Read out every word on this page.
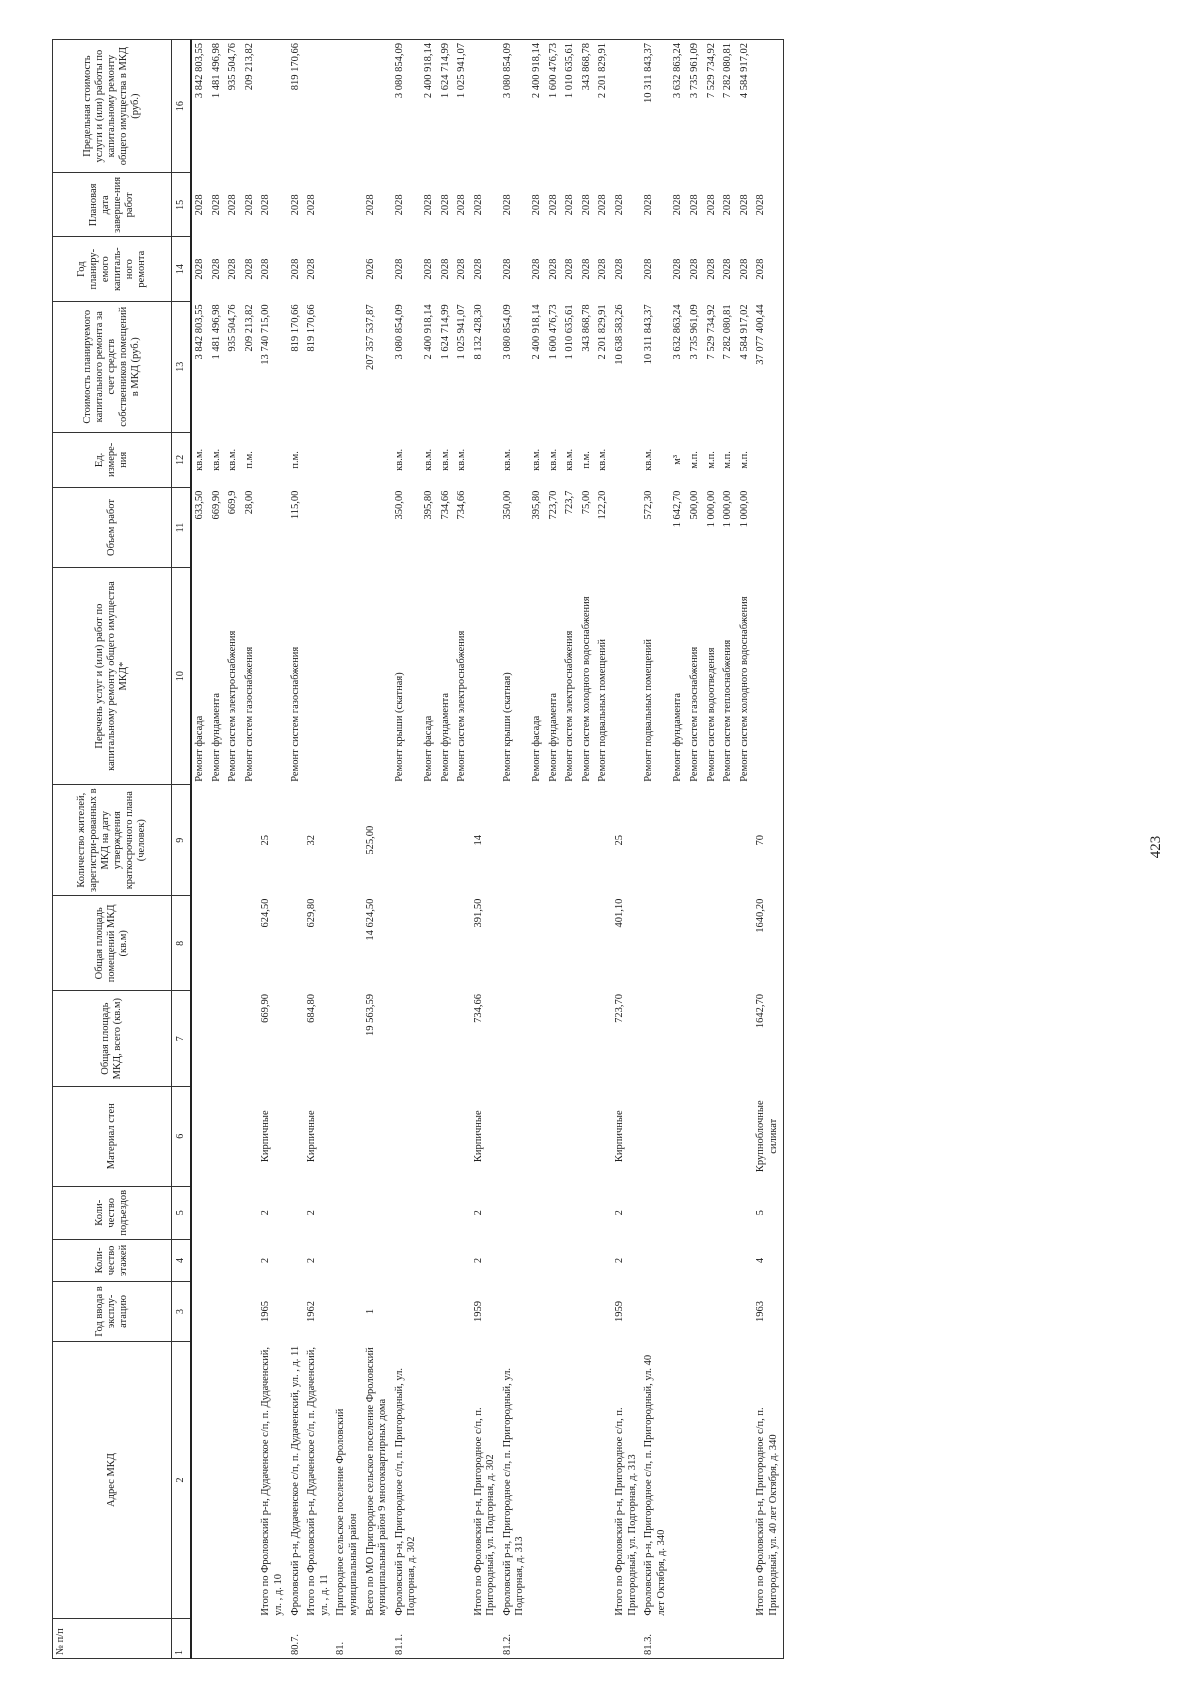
423
№ п/п	Адрес МКД	Год ввода в эксплу-атацию	Коли-чество этажей	Коли-чество подъездов	Материал стен	Общая площадь МКД, всего (кв.м)	Общая площадь помещений МКД (кв.м)	Количество жителей, зарегистри-рованных в МКД на дату утверждения краткосрочного плана (человек)	Перечень услуг и (или) работ по капитальному ремонту общего имущества МКД*	Объем работ	Ед. измере-ния	Стоимость планируемого капитального ремонта за счет средств собственников помещений в МКД (руб.)	Год планиру-емого капиталь-ного ремонта	Плановая дата заверше-ния работ	Предельная стоимость услуги и (или) работы по капитальному ремонту общего имущества в МКД (руб.)
1	2	3	4	5	6	7	8	9	10	11	12	13	14	15	16
									Ремонт фасада	633,50	кв.м.	3 842 803,55	2028	2028	3 842 803,55
									Ремонт фундамента	669,90	кв.м.	1 481 496,98	2028	2028	1 481 496,98
									Ремонт систем электроснабжения	669,9	кв.м.	935 504,76	2028	2028	935 504,76
									Ремонт систем газоснабжения	28,00	п.м.	209 213,82	2028	2028	209 213,82
	Итого по Фроловский р-н, Дудаченское с/п, п. Дудаченский, ул. , д. 10	1965	2	2	Кирпичные	669,90	624,50	25				13 740 715,00	2028	2028	
80.7.	Фроловский р-н, Дудаченское с/п, п. Дудаченский, ул. , д. 11								Ремонт систем газоснабжения	115,00	п.м.	819 170,66	2028	2028	819 170,66
	Итого по Фроловский р-н, Дудаченское с/п, п. Дудаченский, ул. , д. 11	1962	2	2	Кирпичные	684,80	629,80	32				819 170,66	2028	2028	
81.	Пригородное сельское поселение Фроловский муниципальный район														
	Всего по МО Пригородное сельское поселение Фроловский муниципальный район 9 многоквартирных дома	1				19 563,59	14 624,50	525,00				207 357 537,87	2026	2028	
81.1.	Фроловский р-н, Пригородное с/п, п. Пригородный, ул. Подгорная, д. 302								Ремонт крыши (скатная)	350,00	кв.м.	3 080 854,09	2028	2028	3 080 854,09
									Ремонт фасада	395,80	кв.м.	2 400 918,14	2028	2028	2 400 918,14
									Ремонт фундамента	734,66	кв.м.	1 624 714,99	2028	2028	1 624 714,99
									Ремонт систем электроснабжения	734,66	кв.м.	1 025 941,07	2028	2028	1 025 941,07
	Итого по Фроловский р-н, Пригородное с/п, п. Пригородный, ул. Подгорная, д. 302	1959	2	2	Кирпичные	734,66	391,50	14				8 132 428,30	2028	2028	
81.2.	Фроловский р-н, Пригородное с/п, п. Пригородный, ул. Подгорная, д. 313								Ремонт крыши (скатная)	350,00	кв.м.	3 080 854,09	2028	2028	3 080 854,09
									Ремонт фасада	395,80	кв.м.	2 400 918,14	2028	2028	2 400 918,14
									Ремонт фундамента	723,70	кв.м.	1 600 476,73	2028	2028	1 600 476,73
									Ремонт систем электроснабжения	723,7	кв.м.	1 010 635,61	2028	2028	1 010 635,61
									Ремонт систем холодного водоснабжения	75,00	п.м.	343 868,78	2028	2028	343 868,78
									Ремонт подвальных помещений	122,20	кв.м.	2 201 829,91	2028	2028	2 201 829,91
	Итого по Фроловский р-н, Пригородное с/п, п. Пригородный, ул. Подгорная, д. 313	1959	2	2	Кирпичные	723,70	401,10	25				10 638 583,26	2028	2028	
81.3.	Фроловский р-н, Пригородное с/п, п. Пригородный, ул. 40 лет Октября, д. 340								Ремонт подвальных помещений	572,30	кв.м.	10 311 843,37	2028	2028	10 311 843,37
									Ремонт фундамента	1 642,70	м³	3 632 863,24	2028	2028	3 632 863,24
									Ремонт систем газоснабжения	500,00	м.п.	3 735 961,09	2028	2028	3 735 961,09
									Ремонт систем водоотведения	1 000,00	м.п.	7 529 734,92	2028	2028	7 529 734,92
									Ремонт систем теплоснабжения	1 000,00	м.п.	7 282 080,81	2028	2028	7 282 080,81
									Ремонт систем холодного водоснабжения	1 000,00	м.п.	4 584 917,02	2028	2028	4 584 917,02
	Итого по Фроловский р-н, Пригородное с/п, п. Пригородный, ул. 40 лет Октября, д. 340	1963	4	5	Крупноблочные силикат	1642,70	1640,20	70				37 077 400,44	2028	2028	
